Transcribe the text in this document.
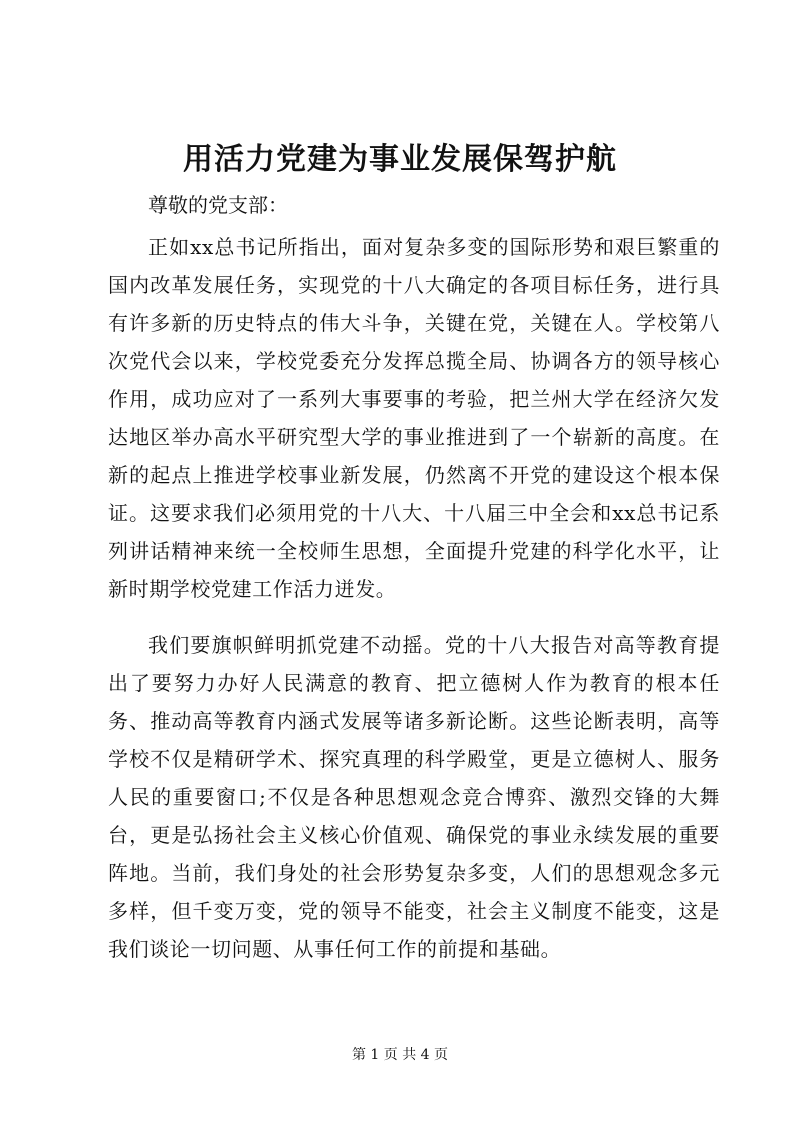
用活力党建为事业发展保驾护航

尊敬的党支部：

正如xx总书记所指出，面对复杂多变的国际形势和艰巨繁重的国内改革发展任务，实现党的十八大确定的各项目标任务，进行具有许多新的历史特点的伟大斗争，关键在党，关键在人。学校第八次党代会以来，学校党委充分发挥总揽全局、协调各方的领导核心作用，成功应对了一系列大事要事的考验，把兰州大学在经济欠发达地区举办高水平研究型大学的事业推进到了一个崭新的高度。在新的起点上推进学校事业新发展，仍然离不开党的建设这个根本保证。这要求我们必须用党的十八大、十八届三中全会和xx总书记系列讲话精神来统一全校师生思想，全面提升党建的科学化水平，让新时期学校党建工作活力迸发。

我们要旗帜鲜明抓党建不动摇。党的十八大报告对高等教育提出了要努力办好人民满意的教育、把立德树人作为教育的根本任务、推动高等教育内涵式发展等诸多新论断。这些论断表明，高等学校不仅是精研学术、探究真理的科学殿堂，更是立德树人、服务人民的重要窗口;不仅是各种思想观念竞合博弈、激烈交锋的大舞台，更是弘扬社会主义核心价值观、确保党的事业永续发展的重要阵地。当前，我们身处的社会形势复杂多变，人们的思想观念多元多样，但千变万变，党的领导不能变，社会主义制度不能变，这是我们谈论一切问题、从事任何工作的前提和基础。

第 1 页 共 4 页
